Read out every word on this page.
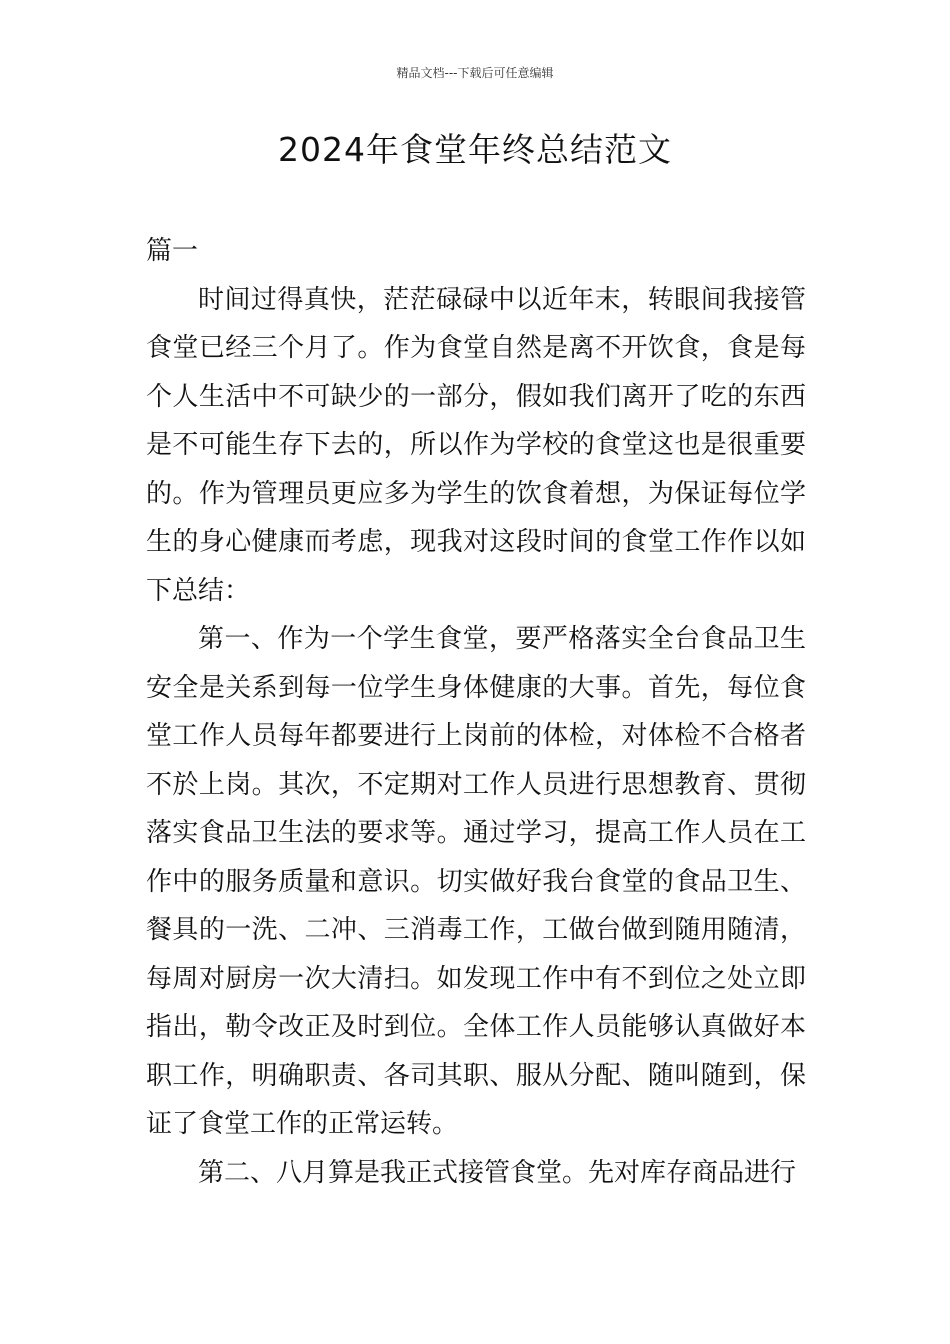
精品文档---下载后可任意编辑
2024年食堂年终总结范文

篇一

时间过得真快，茫茫碌碌中以近年末，转眼间我接管食堂已经三个月了。作为食堂自然是离不开饮食，食是每个人生活中不可缺少的一部分，假如我们离开了吃的东西是不可能生存下去的，所以作为学校的食堂这也是很重要的。作为管理员更应多为学生的饮食着想，为保证每位学生的身心健康而考虑，现我对这段时间的食堂工作作以如下总结：

第一、作为一个学生食堂，要严格落实全台食品卫生安全是关系到每一位学生身体健康的大事。首先，每位食堂工作人员每年都要进行上岗前的体检，对体检不合格者不於上岗。其次，不定期对工作人员进行思想教育、贯彻落实食品卫生法的要求等。通过学习，提高工作人员在工作中的服务质量和意识。切实做好我台食堂的食品卫生、餐具的一洗、二冲、三消毒工作，工做台做到随用随清，每周对厨房一次大清扫。如发现工作中有不到位之处立即指出，勒令改正及时到位。全体工作人员能够认真做好本职工作，明确职责、各司其职、服从分配、随叫随到，保证了食堂工作的正常运转。

第二、八月算是我正式接管食堂。先对库存商品进行
